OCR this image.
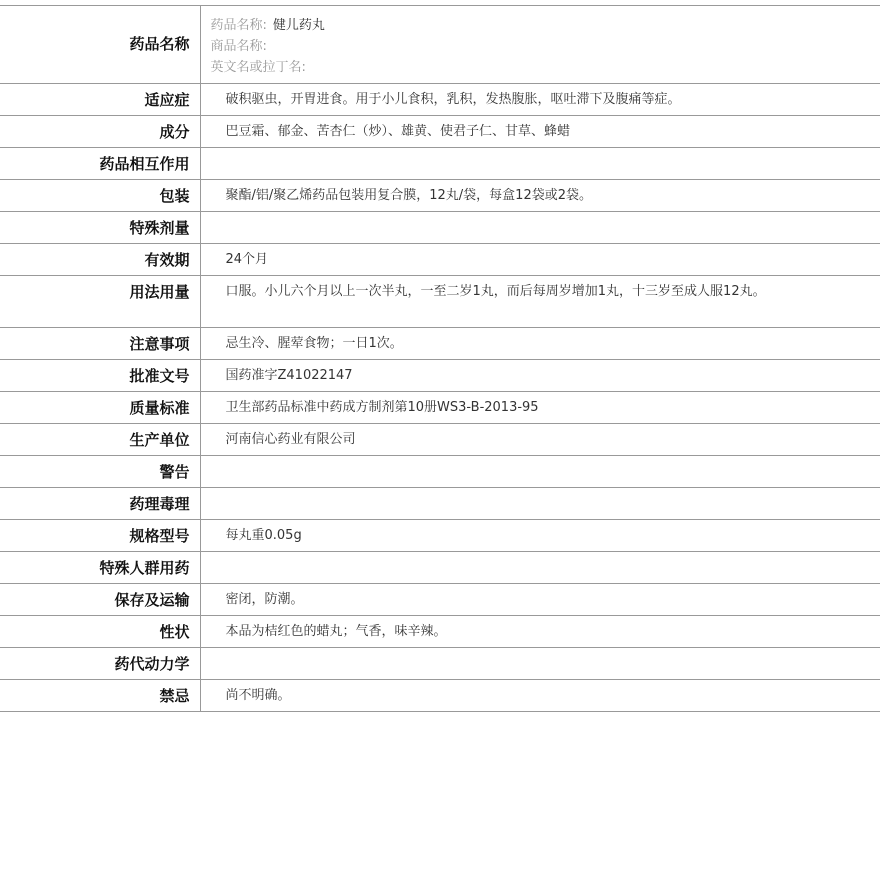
药品名称	药品名称: 健儿药丸
商品名称:
英文名或拉丁名:

适应症	破积驱虫，开胃进食。用于小儿食积，乳积，发热腹胀，呕吐滞下及腹痛等症。
成分	巴豆霜、郁金、苦杏仁（炒）、雄黄、使君子仁、甘草、蜂蜡
药品相互作用	
包装	聚酯/铝/聚乙烯药品包装用复合膜，12丸/袋，每盒12袋或2袋。
特殊剂量	
有效期	24个月
用法用量	口服。小儿六个月以上一次半丸，一至二岁1丸，而后每周岁增加1丸，十三岁至成人服12丸。
注意事项	忌生冷、腥荤食物；一日1次。
批准文号	国药准字Z41022147
质量标准	卫生部药品标准中药成方制剂第10册WS3-B-2013-95
生产单位	河南信心药业有限公司
警告	
药理毒理	
规格型号	每丸重0.05g
特殊人群用药	
保存及运输	密闭，防潮。
性状	本品为桔红色的蜡丸；气香，味辛辣。
药代动力学	
禁忌	尚不明确。
